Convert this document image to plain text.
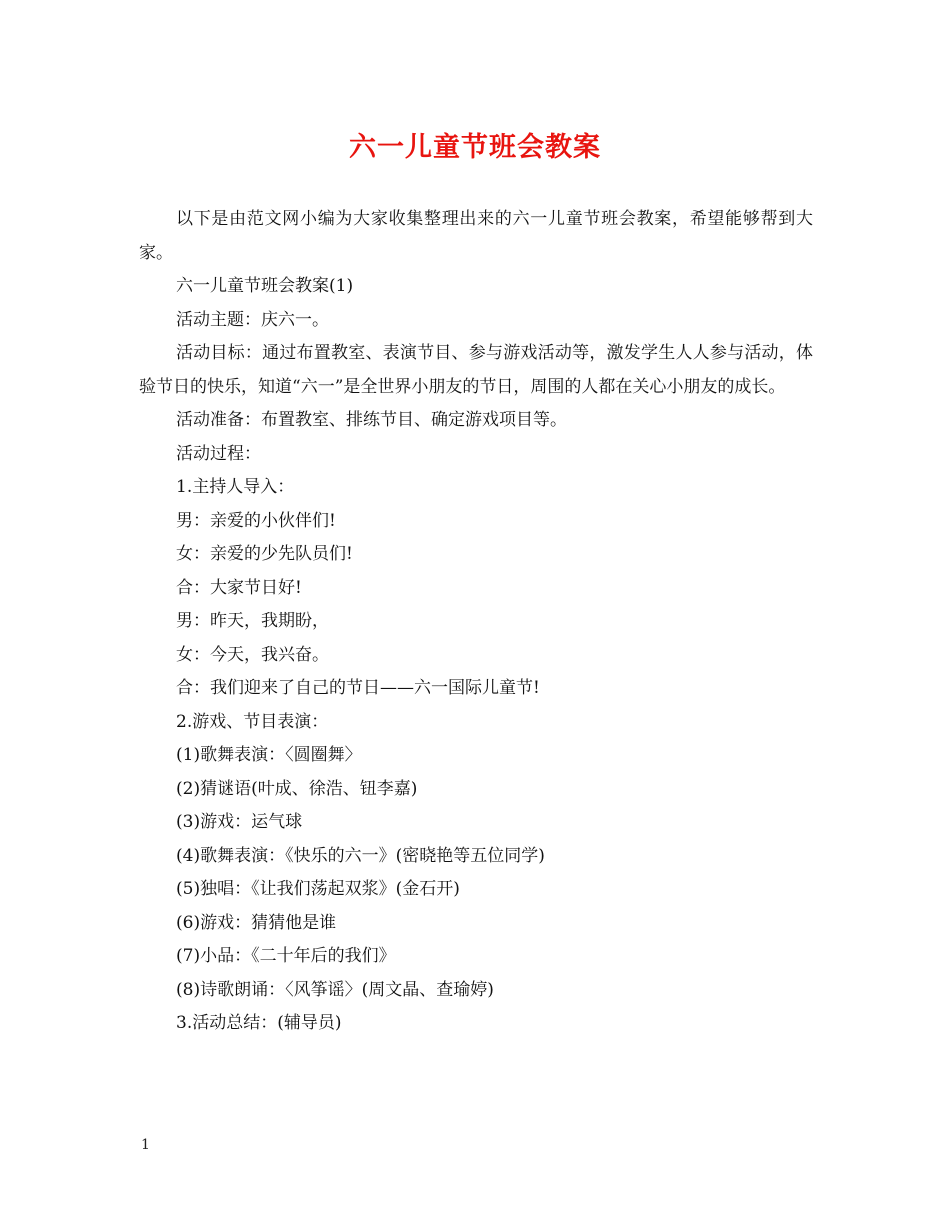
六一儿童节班会教案

以下是由范文网小编为大家收集整理出来的六一儿童节班会教案，希望能够帮到大家。

六一儿童节班会教案(1)

活动主题：庆六一。

活动目标：通过布置教室、表演节目、参与游戏活动等，激发学生人人参与活动，体验节日的快乐，知道“六一”是全世界小朋友的节日，周围的人都在关心小朋友的成长。

活动准备：布置教室、排练节目、确定游戏项目等。

活动过程：

1.主持人导入：

男：亲爱的小伙伴们!

女：亲爱的少先队员们!

合：大家节日好!

男：昨天，我期盼，

女：今天，我兴奋。

合：我们迎来了自己的节日——六一国际儿童节!

2.游戏、节目表演：

(1)歌舞表演：〈圆圈舞〉

(2)猜谜语(叶成、徐浩、钮李嘉)

(3)游戏：运气球

(4)歌舞表演：《快乐的六一》(密晓艳等五位同学)

(5)独唱：《让我们荡起双浆》(金石开)

(6)游戏：猜猜他是谁

(7)小品：《二十年后的我们》

(8)诗歌朗诵：〈风筝谣〉(周文晶、查瑜婷)

3.活动总结：(辅导员)

1
